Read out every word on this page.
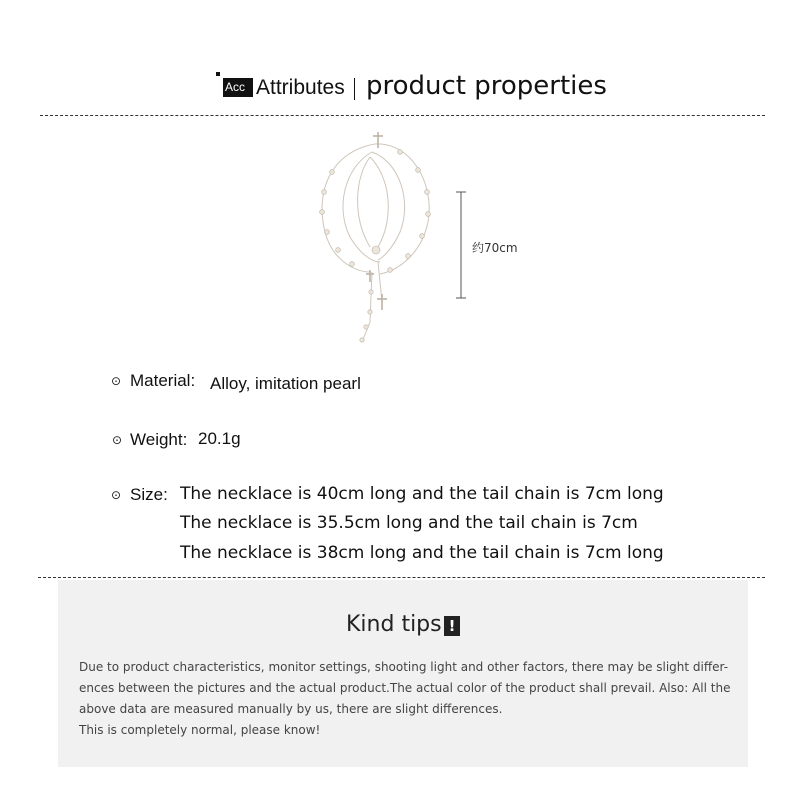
Acc Attributes product properties
约70cm
⊙ Material: Alloy, imitation pearl
⊙ Weight: 20.1g
⊙ Size: The necklace is 40cm long and the tail chain is 7cm long
The necklace is 35.5cm long and the tail chain is 7cm
The necklace is 38cm long and the tail chain is 7cm long
Kind tips !
Due to product characteristics, monitor settings, shooting light and other factors, there may be slight differ-
ences between the pictures and the actual product.The actual color of the product shall prevail. Also: All the
above data are measured manually by us, there are slight differences.
This is completely normal, please know!
